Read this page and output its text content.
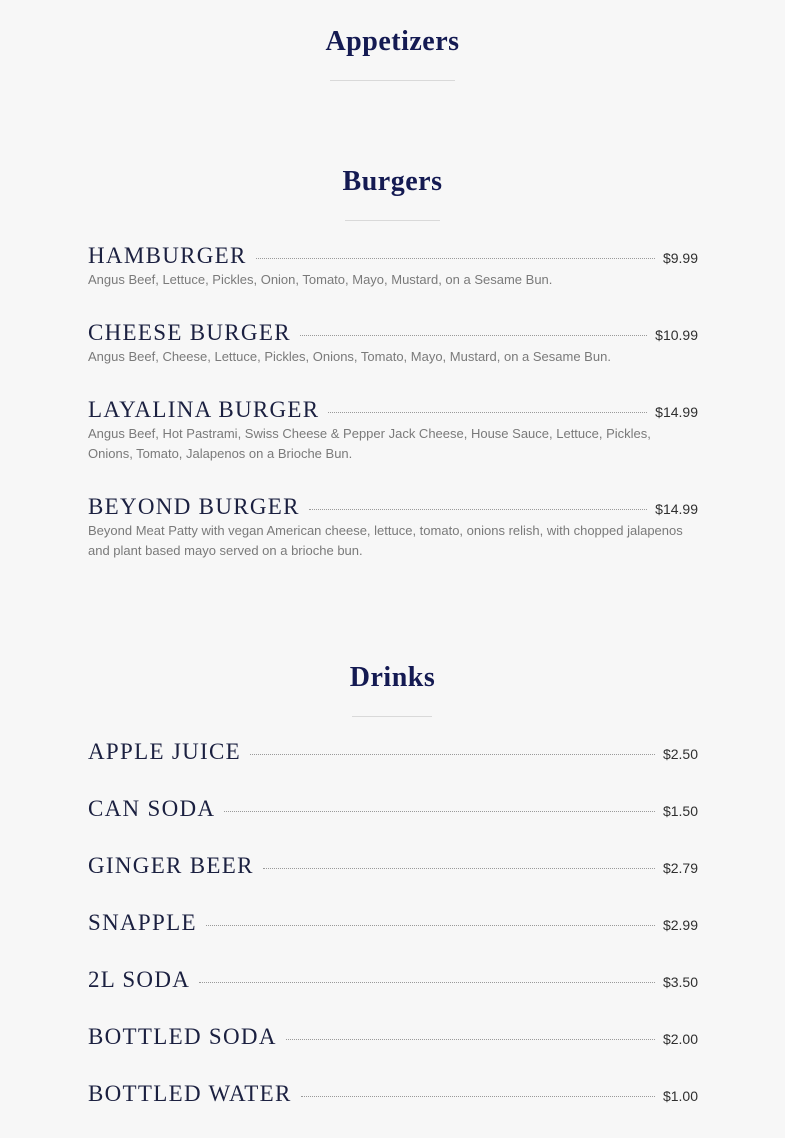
Appetizers
Burgers
HAMBURGER	$9.99
Angus Beef, Lettuce, Pickles, Onion, Tomato, Mayo, Mustard, on a Sesame Bun.
CHEESE BURGER	$10.99
Angus Beef, Cheese, Lettuce, Pickles, Onions, Tomato, Mayo, Mustard, on a Sesame Bun.
LAYALINA BURGER	$14.99
Angus Beef, Hot Pastrami, Swiss Cheese & Pepper Jack Cheese, House Sauce, Lettuce, Pickles, Onions, Tomato, Jalapenos on a Brioche Bun.
BEYOND BURGER	$14.99
Beyond Meat Patty with vegan American cheese, lettuce, tomato, onions relish, with chopped jalapenos and plant based mayo served on a brioche bun.
Drinks
APPLE JUICE	$2.50
CAN SODA	$1.50
GINGER BEER	$2.79
SNAPPLE	$2.99
2L SODA	$3.50
BOTTLED SODA	$2.00
BOTTLED WATER	$1.00
